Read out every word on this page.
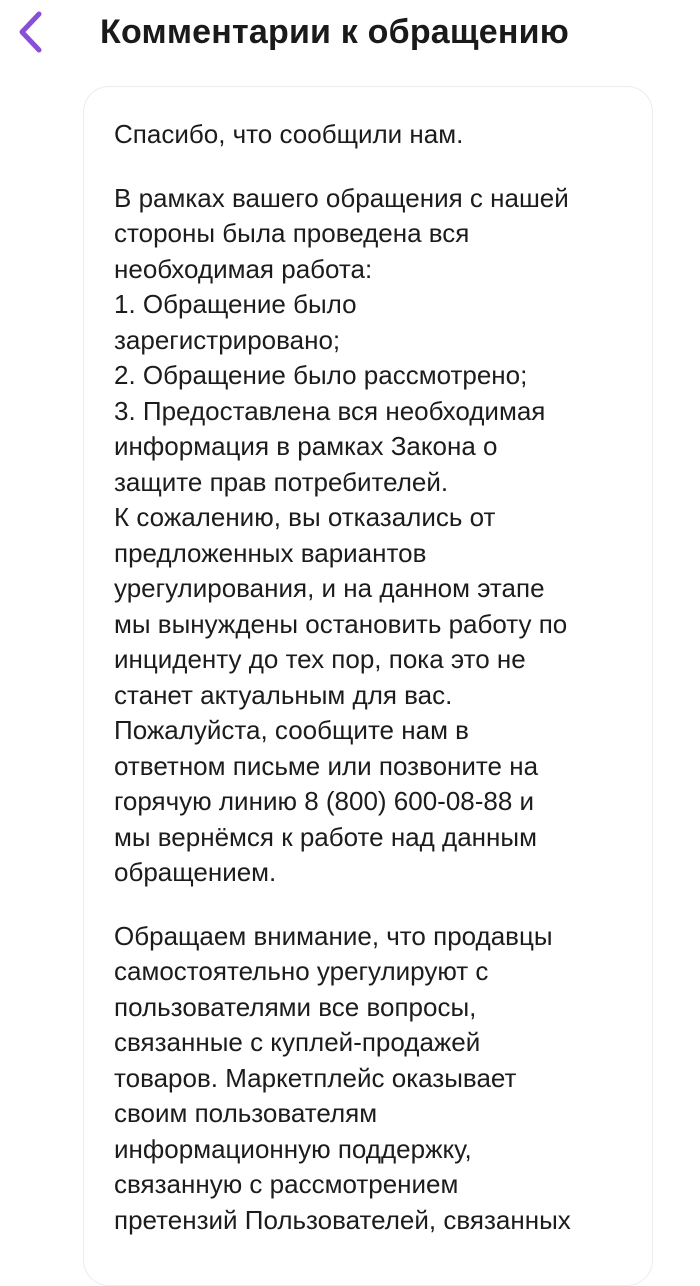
Комментарии к обращению

Спасибо, что сообщили нам.

В рамках вашего обращения с нашей
стороны была проведена вся
необходимая работа:
1. Обращение было
зарегистрировано;
2. Обращение было рассмотрено;
3. Предоставлена вся необходимая
информация в рамках Закона о
защите прав потребителей.
К сожалению, вы отказались от
предложенных вариантов
урегулирования, и на данном этапе
мы вынуждены остановить работу по
инциденту до тех пор, пока это не
станет актуальным для вас.
Пожалуйста, сообщите нам в
ответном письме или позвоните на
горячую линию 8 (800) 600-08-88 и
мы вернёмся к работе над данным
обращением.

Обращаем внимание, что продавцы
самостоятельно урегулируют с
пользователями все вопросы,
связанные с куплей-продажей
товаров. Маркетплейс оказывает
своим пользователям
информационную поддержку,
связанную с рассмотрением
претензий Пользователей, связанных
